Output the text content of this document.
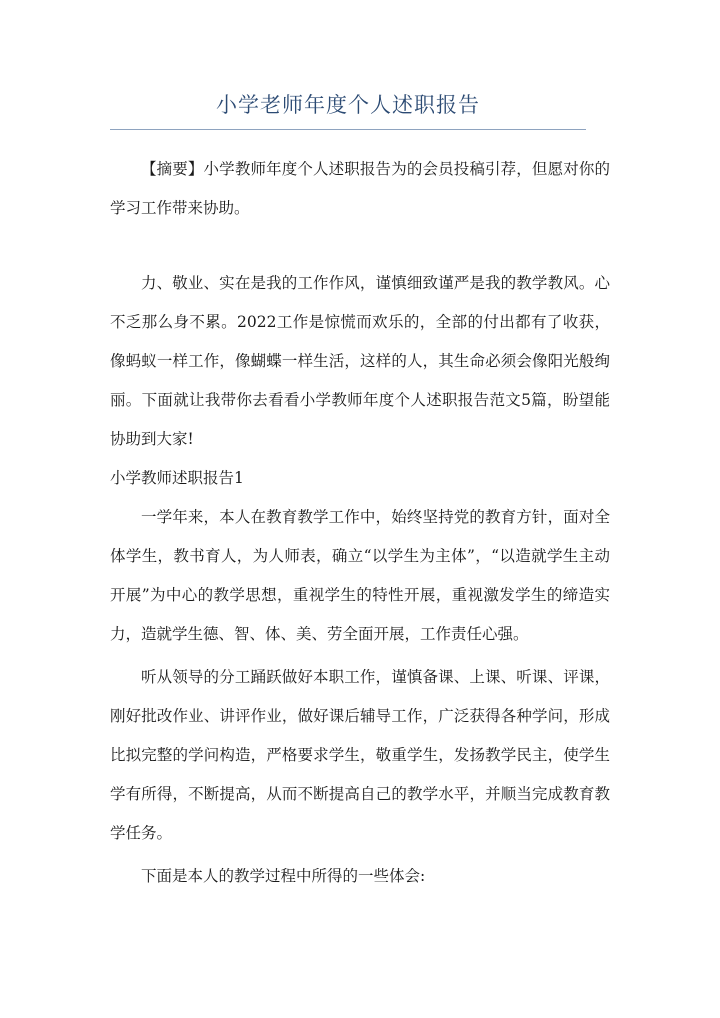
小学老师年度个人述职报告

【摘要】小学教师年度个人述职报告为的会员投稿引荐，但愿对你的学习工作带来协助。

力、敬业、实在是我的工作作风，谨慎细致谨严是我的教学教风。心不乏那么身不累。2022工作是惊慌而欢乐的，全部的付出都有了收获，像蚂蚁一样工作，像蝴蝶一样生活，这样的人，其生命必须会像阳光般绚丽。下面就让我带你去看看小学教师年度个人述职报告范文5篇，盼望能协助到大家!

小学教师述职报告1

一学年来，本人在教育教学工作中，始终坚持党的教育方针，面对全体学生，教书育人，为人师表，确立“以学生为主体”，“以造就学生主动开展”为中心的教学思想，重视学生的特性开展，重视激发学生的缔造实力，造就学生德、智、体、美、劳全面开展，工作责任心强。

听从领导的分工踊跃做好本职工作，谨慎备课、上课、听课、评课，刚好批改作业、讲评作业，做好课后辅导工作，广泛获得各种学问，形成比拟完整的学问构造，严格要求学生，敬重学生，发扬教学民主，使学生学有所得，不断提高，从而不断提高自己的教学水平，并顺当完成教育教学任务。

下面是本人的教学过程中所得的一些体会:
